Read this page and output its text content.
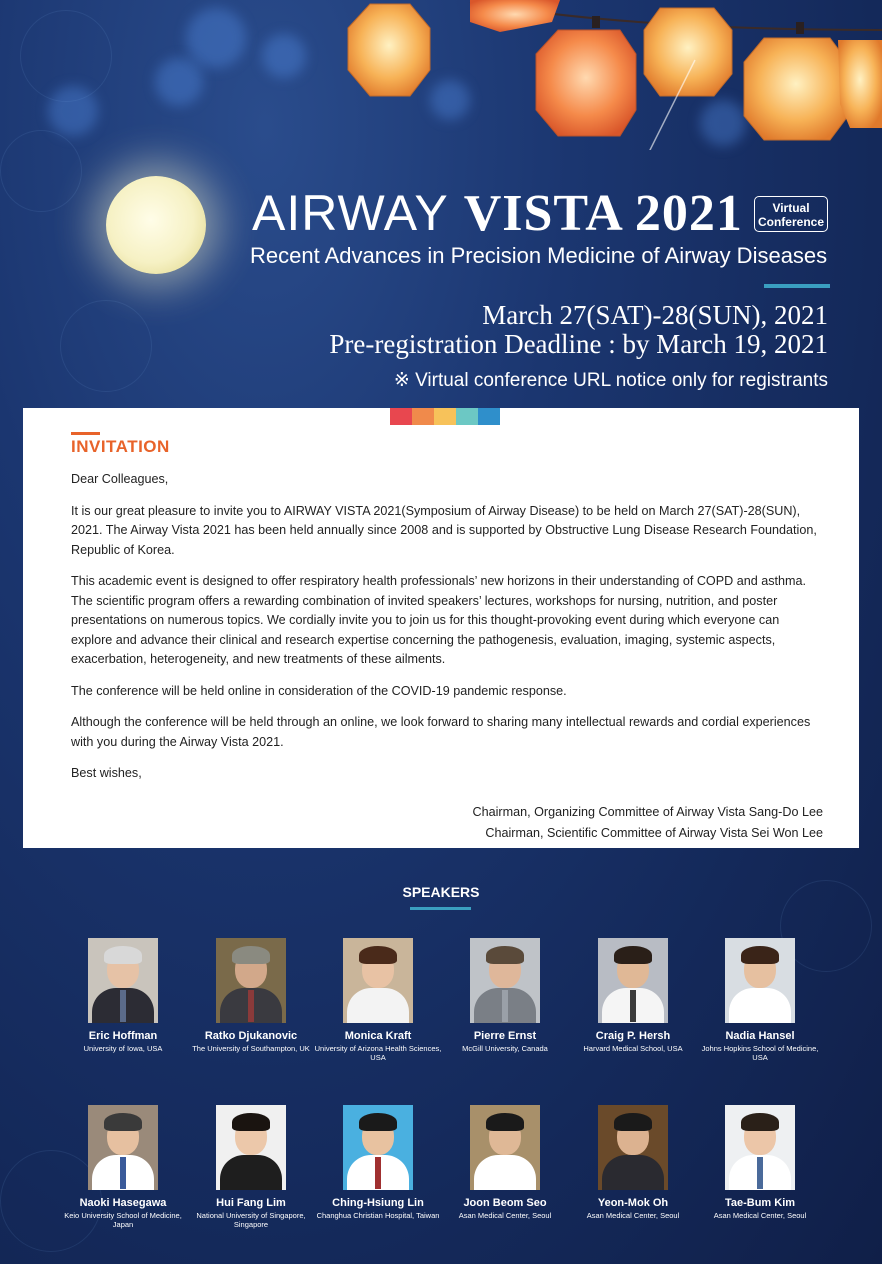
AIRWAY VISTA 2021	Virtual
Conference
Recent Advances in Precision Medicine of Airway Diseases
March 27(SAT)-28(SUN), 2021
Pre-registration Deadline : by March 19, 2021
※ Virtual conference URL notice only for registrants
INVITATION

Dear Colleagues,

It is our great pleasure to invite you to AIRWAY VISTA 2021(Symposium of Airway Disease) to be held on March 27(SAT)-28(SUN), 2021. The Airway Vista 2021 has been held annually since 2008 and is supported by Obstructive Lung Disease Research Foundation, Republic of Korea.

This academic event is designed to offer respiratory health professionals’ new horizons in their understanding of COPD and asthma. The scientific program offers a rewarding combination of invited speakers’ lectures, workshops for nursing, nutrition, and poster presentations on numerous topics. We cordially invite you to join us for this thought-provoking event during which everyone can explore and advance their clinical and research expertise concerning the pathogenesis, evaluation, imaging, systemic aspects, exacerbation, heterogeneity, and new treatments of these ailments.

The conference will be held online in consideration of the COVID-19 pandemic response.

Although the conference will be held through an online, we look forward to sharing many intellectual rewards and cordial experiences with you during the Airway Vista 2021.

Best wishes,

Chairman, Organizing Committee of Airway Vista Sang-Do Lee
Chairman, Scientific Committee of Airway Vista Sei Won Lee
SPEAKERS
Eric Hoffman
University of Iowa, USA
Ratko Djukanovic
The University of Southampton, UK
Monica Kraft
University of Arizona Health Sciences, USA
Pierre Ernst
McGill University, Canada
Craig P. Hersh
Harvard Medical School, USA
Nadia Hansel
Johns Hopkins School of Medicine, USA
Naoki Hasegawa
Keio University School of Medicine, Japan
Hui Fang Lim
National University of Singapore, Singapore
Ching-Hsiung Lin
Changhua Christian Hospital, Taiwan
Joon Beom Seo
Asan Medical Center, Seoul
Yeon-Mok Oh
Asan Medical Center, Seoul
Tae-Bum Kim
Asan Medical Center, Seoul
